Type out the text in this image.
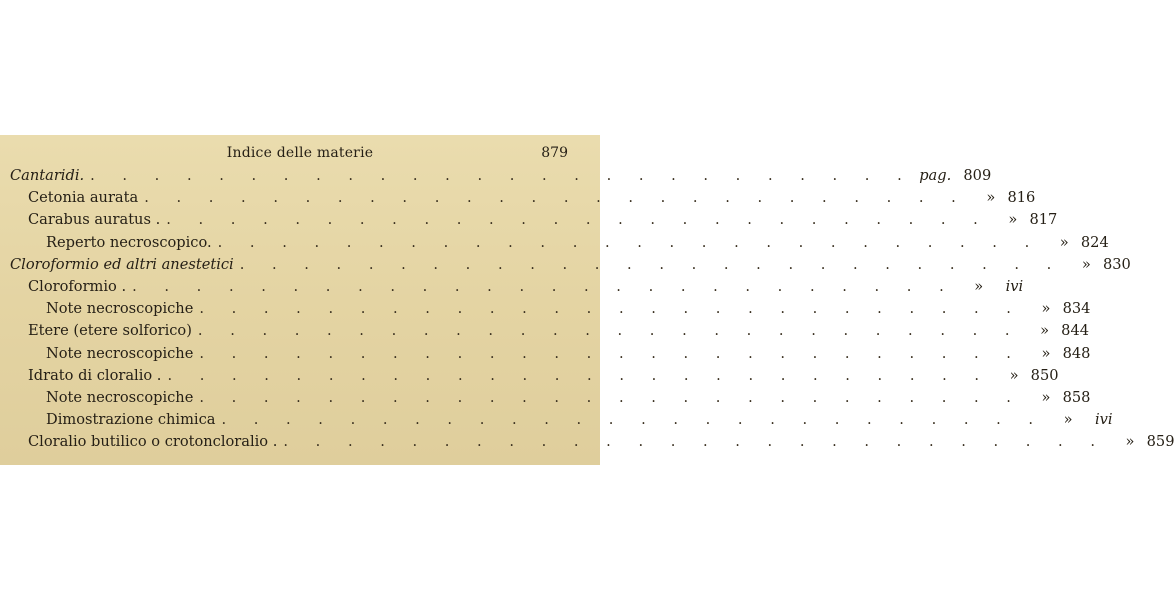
Indice delle materie	879
Cantaridi. . . . . . . . . . . . . . . . . . . . . . . . . . . pag. 809
Cetonia aurata . . . . . . . . . . . . . . . . . . . . . . . . . .	» 816
Carabus auratus . . . . . . . . . . . . . . . . . . . . . . . . . . .	» 817
Reperto necroscopico. . . . . . . . . . . . . . . . . . . . . . . . . . .	» 824
Cloroformio ed altri anestetici . . . . . . . . . . . . . . . . . . . . . . . . . .	» 830
Cloroformio . . . . . . . . . . . . . . . . . . . . . . . . . . .	» ivi
Note necroscopiche . . . . . . . . . . . . . . . . . . . . . . . . . .	» 834
Etere (etere solforico) . . . . . . . . . . . . . . . . . . . . . . . . . .	» 844
Note necroscopiche . . . . . . . . . . . . . . . . . . . . . . . . . .	» 848
Idrato di cloralio . . . . . . . . . . . . . . . . . . . . . . . . . . .	» 850
Note necroscopiche . . . . . . . . . . . . . . . . . . . . . . . . . .	» 858
Dimostrazione chimica . . . . . . . . . . . . . . . . . . . . . . . . . .	» ivi
Cloralio butilico o crotoncloralio . . . . . . . . . . . . . . . . . . . . . . . . . . .	» 859
